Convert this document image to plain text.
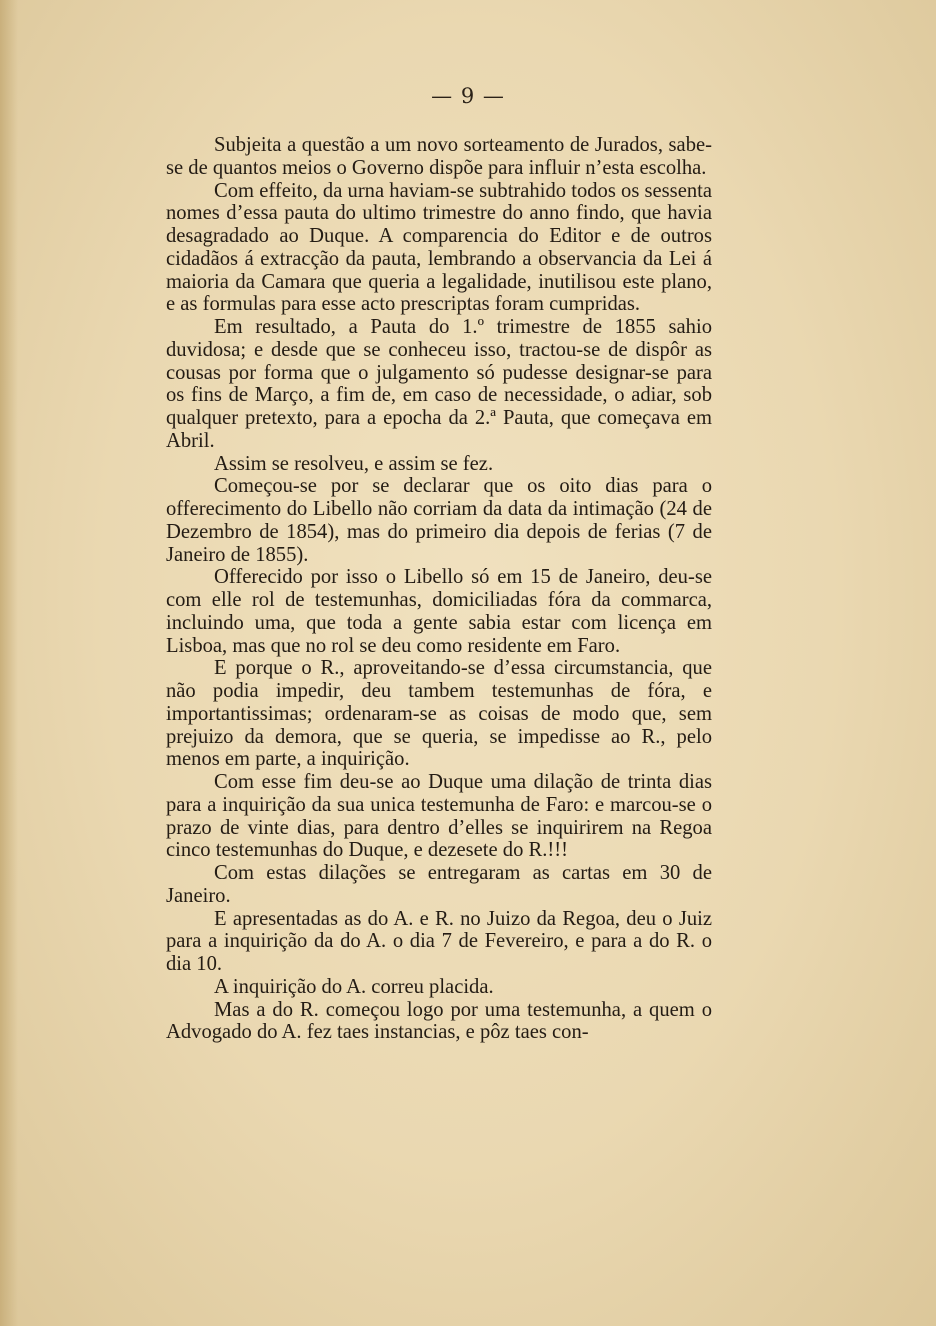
— 9 —

Subjeita a questão a um novo sorteamento de Jurados, sabe-se de quantos meios o Governo dispõe para influir n’esta escolha.

Com effeito, da urna haviam-se subtrahido todos os sessenta nomes d’essa pauta do ultimo trimestre do anno findo, que havia desagradado ao Duque. A comparencia do Editor e de outros cidadãos á extracção da pauta, lembrando a observancia da Lei á maioria da Camara que queria a legalidade, inutilisou este plano, e as formulas para esse acto prescriptas foram cumpridas.

Em resultado, a Pauta do 1.º trimestre de 1855 sahio duvidosa; e desde que se conheceu isso, tractou-se de dispôr as cousas por forma que o julgamento só pudesse designar-se para os fins de Março, a fim de, em caso de necessidade, o adiar, sob qualquer pretexto, para a epocha da 2.ª Pauta, que começava em Abril.

Assim se resolveu, e assim se fez.

Começou-se por se declarar que os oito dias para o offerecimento do Libello não corriam da data da intimação (24 de Dezembro de 1854), mas do primeiro dia depois de ferias (7 de Janeiro de 1855).

Offerecido por isso o Libello só em 15 de Janeiro, deu-se com elle rol de testemunhas, domiciliadas fóra da commarca, incluindo uma, que toda a gente sabia estar com licença em Lisboa, mas que no rol se deu como residente em Faro.

E porque o R., aproveitando-se d’essa circumstancia, que não podia impedir, deu tambem testemunhas de fóra, e importantissimas; ordenaram-se as coisas de modo que, sem prejuizo da demora, que se queria, se impedisse ao R., pelo menos em parte, a inquirição.

Com esse fim deu-se ao Duque uma dilação de trinta dias para a inquirição da sua unica testemunha de Faro: e marcou-se o prazo de vinte dias, para dentro d’elles se inquirirem na Regoa cinco testemunhas do Duque, e dezesete do R.!!!

Com estas dilações se entregaram as cartas em 30 de Janeiro.

E apresentadas as do A. e R. no Juizo da Regoa, deu o Juiz para a inquirição da do A. o dia 7 de Fevereiro, e para a do R. o dia 10.

A inquirição do A. correu placida.

Mas a do R. começou logo por uma testemunha, a quem o Advogado do A. fez taes instancias, e pôz taes con-
